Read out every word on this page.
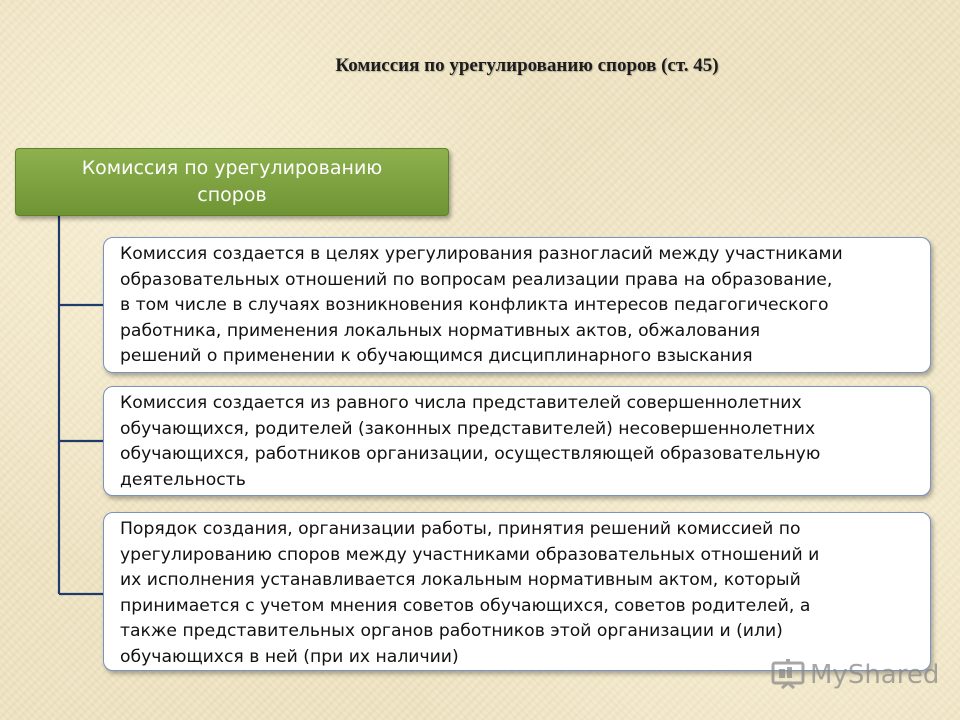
Комиссия по урегулированию споров (ст. 45)
Комиссия по урегулированию
споров
Комиссия создается в целях урегулирования разногласий между участниками
образовательных отношений по вопросам реализации права на образование,
в том числе в случаях возникновения конфликта интересов педагогического
работника, применения локальных нормативных актов, обжалования
решений о применении к обучающимся дисциплинарного взыскания
Комиссия создается из равного числа представителей совершеннолетних
обучающихся, родителей (законных представителей) несовершеннолетних
обучающихся, работников организации, осуществляющей образовательную
деятельность
Порядок создания, организации работы, принятия решений комиссией по
урегулированию споров между участниками образовательных отношений и
их исполнения устанавливается локальным нормативным актом, который
принимается с учетом мнения советов обучающихся, советов родителей, а
также представительных органов работников этой организации и (или)
обучающихся в ней (при их наличии)
MyShared
